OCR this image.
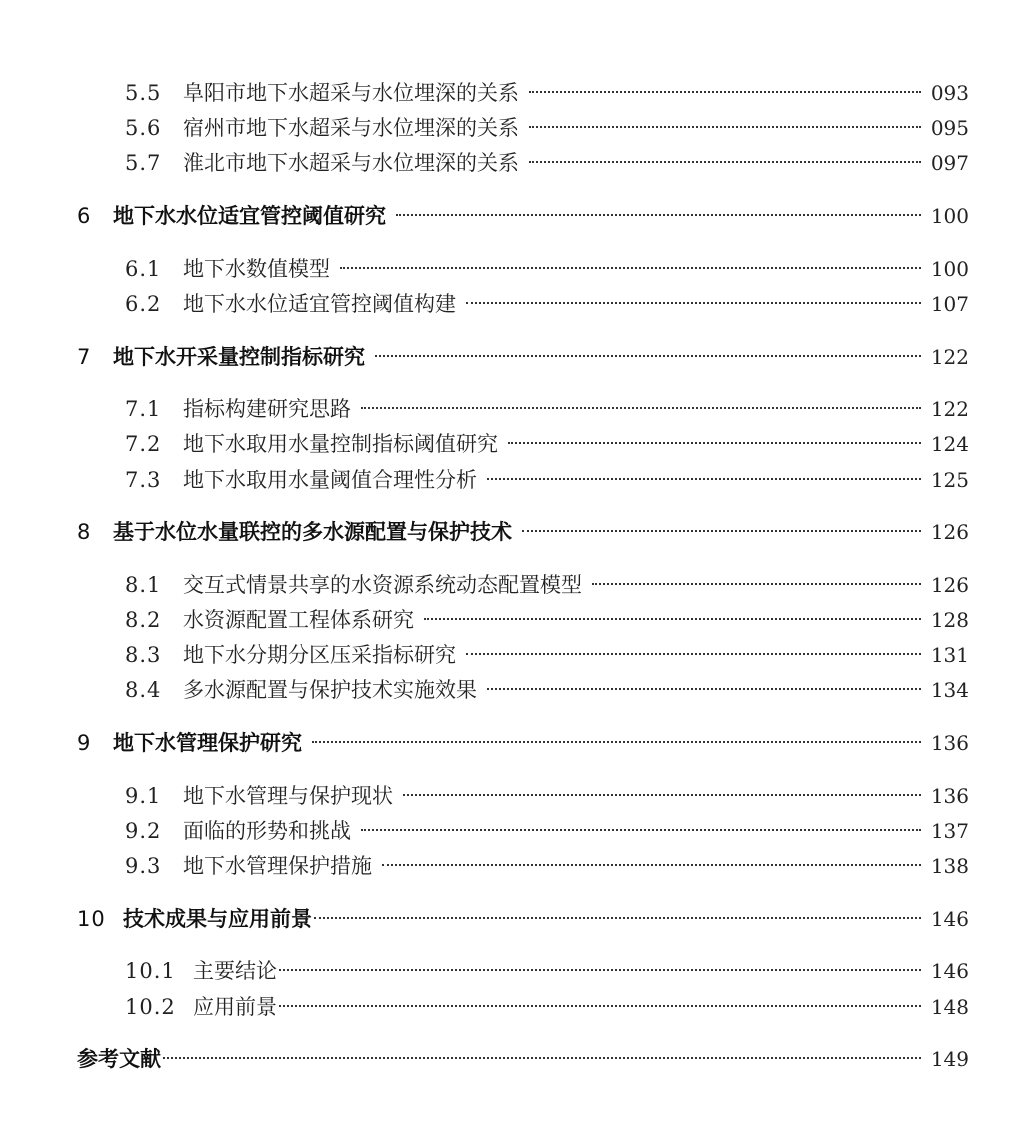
5.5	阜阳市地下水超采与水位埋深的关系	093
5.6	宿州市地下水超采与水位埋深的关系	095
5.7	淮北市地下水超采与水位埋深的关系	097
6	地下水水位适宜管控阈值研究	100
6.1	地下水数值模型	100
6.2	地下水水位适宜管控阈值构建	107
7	地下水开采量控制指标研究	122
7.1	指标构建研究思路	122
7.2	地下水取用水量控制指标阈值研究	124
7.3	地下水取用水量阈值合理性分析	125
8	基于水位水量联控的多水源配置与保护技术	126
8.1	交互式情景共享的水资源系统动态配置模型	126
8.2	水资源配置工程体系研究	128
8.3	地下水分期分区压采指标研究	131
8.4	多水源配置与保护技术实施效果	134
9	地下水管理保护研究	136
9.1	地下水管理与保护现状	136
9.2	面临的形势和挑战	137
9.3	地下水管理保护措施	138
10 技术成果与应用前景	146
10.1 主要结论	146
10.2 应用前景	148
参考文献	149
